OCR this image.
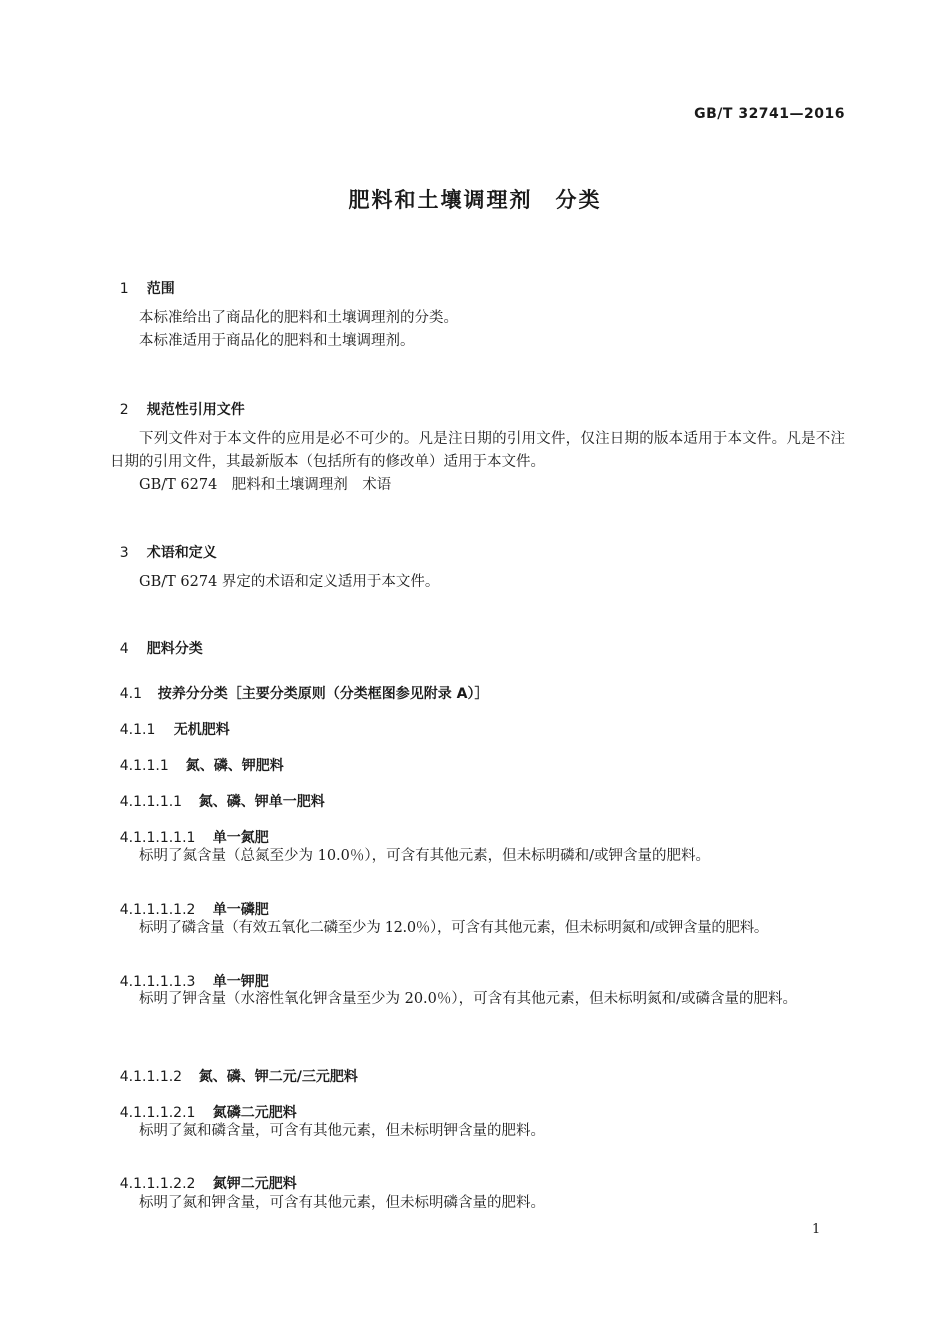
GB/T 32741—2016
肥料和土壤调理剂　分类

1 范围

本标准给出了商品化的肥料和土壤调理剂的分类。
本标准适用于商品化的肥料和土壤调理剂。

2 规范性引用文件

下列文件对于本文件的应用是必不可少的。凡是注日期的引用文件，仅注日期的版本适用于本文件。凡是不注日期的引用文件，其最新版本（包括所有的修改单）适用于本文件。
GB/T 6274　肥料和土壤调理剂　术语

3 术语和定义

GB/T 6274 界定的术语和定义适用于本文件。

4 肥料分类

4.1 按养分分类［主要分类原则（分类框图参见附录 A）］

4.1.1 无机肥料

4.1.1.1 氮、磷、钾肥料

4.1.1.1.1 氮、磷、钾单一肥料

4.1.1.1.1.1 单一氮肥

标明了氮含量（总氮至少为 10.0％），可含有其他元素，但未标明磷和/或钾含量的肥料。

4.1.1.1.1.2 单一磷肥

标明了磷含量（有效五氧化二磷至少为 12.0％），可含有其他元素，但未标明氮和/或钾含量的肥料。

4.1.1.1.1.3 单一钾肥

标明了钾含量（水溶性氧化钾含量至少为 20.0％），可含有其他元素，但未标明氮和/或磷含量的肥料。

4.1.1.1.2 氮、磷、钾二元/三元肥料

4.1.1.1.2.1 氮磷二元肥料

标明了氮和磷含量，可含有其他元素，但未标明钾含量的肥料。

4.1.1.1.2.2 氮钾二元肥料

标明了氮和钾含量，可含有其他元素，但未标明磷含量的肥料。
1
